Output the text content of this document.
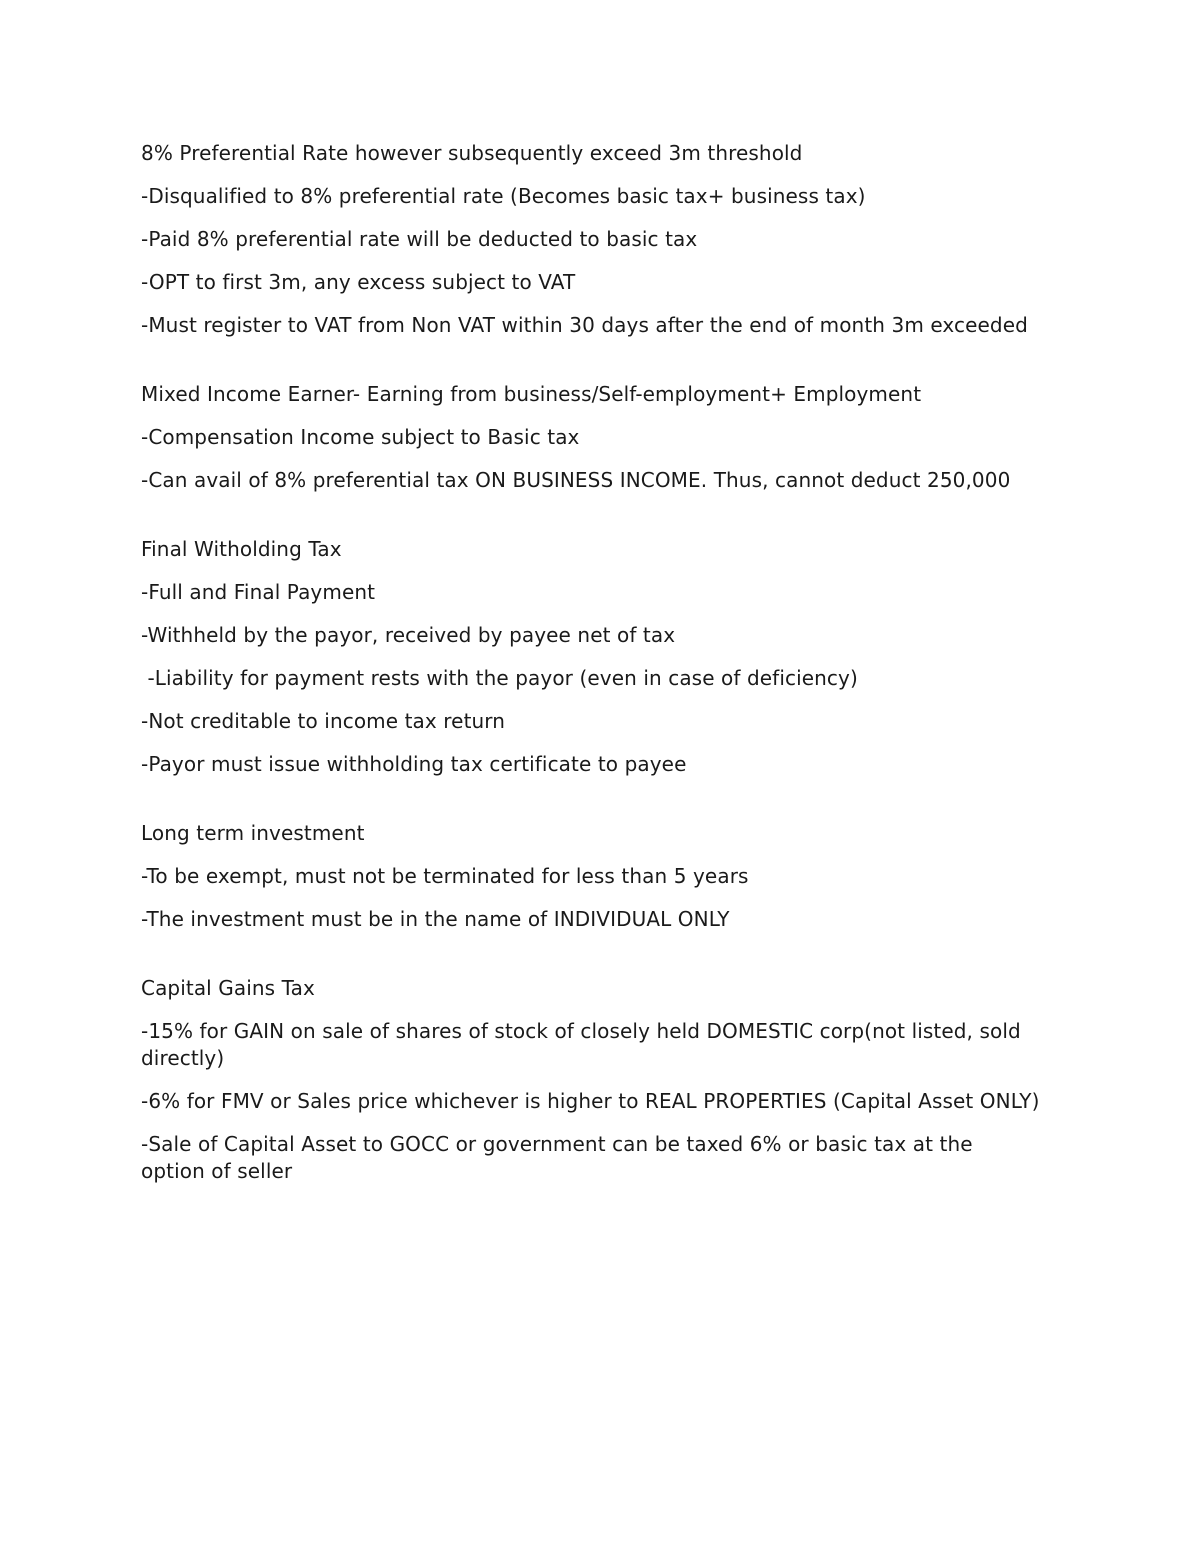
8% Preferential Rate however subsequently exceed 3m threshold

-Disqualified to 8% preferential rate (Becomes basic tax+ business tax)

-Paid 8% preferential rate will be deducted to basic tax

-OPT to first 3m, any excess subject to VAT

-Must register to VAT from Non VAT within 30 days after the end of month 3m exceeded

Mixed Income Earner- Earning from business/Self-employment+ Employment

-Compensation Income subject to Basic tax

-Can avail of 8% preferential tax ON BUSINESS INCOME. Thus, cannot deduct 250,000

Final Witholding Tax

-Full and Final Payment

-Withheld by the payor, received by payee net of tax

-Liability for payment rests with the payor (even in case of deficiency)

-Not creditable to income tax return

-Payor must issue withholding tax certificate to payee

Long term investment

-To be exempt, must not be terminated for less than 5 years

-The investment must be in the name of INDIVIDUAL ONLY

Capital Gains Tax

-15% for GAIN on sale of shares of stock of closely held DOMESTIC corp(not listed, sold directly)

-6% for FMV or Sales price whichever is higher to REAL PROPERTIES (Capital Asset ONLY)

-Sale of Capital Asset to GOCC or government can be taxed 6% or basic tax at the option of seller
